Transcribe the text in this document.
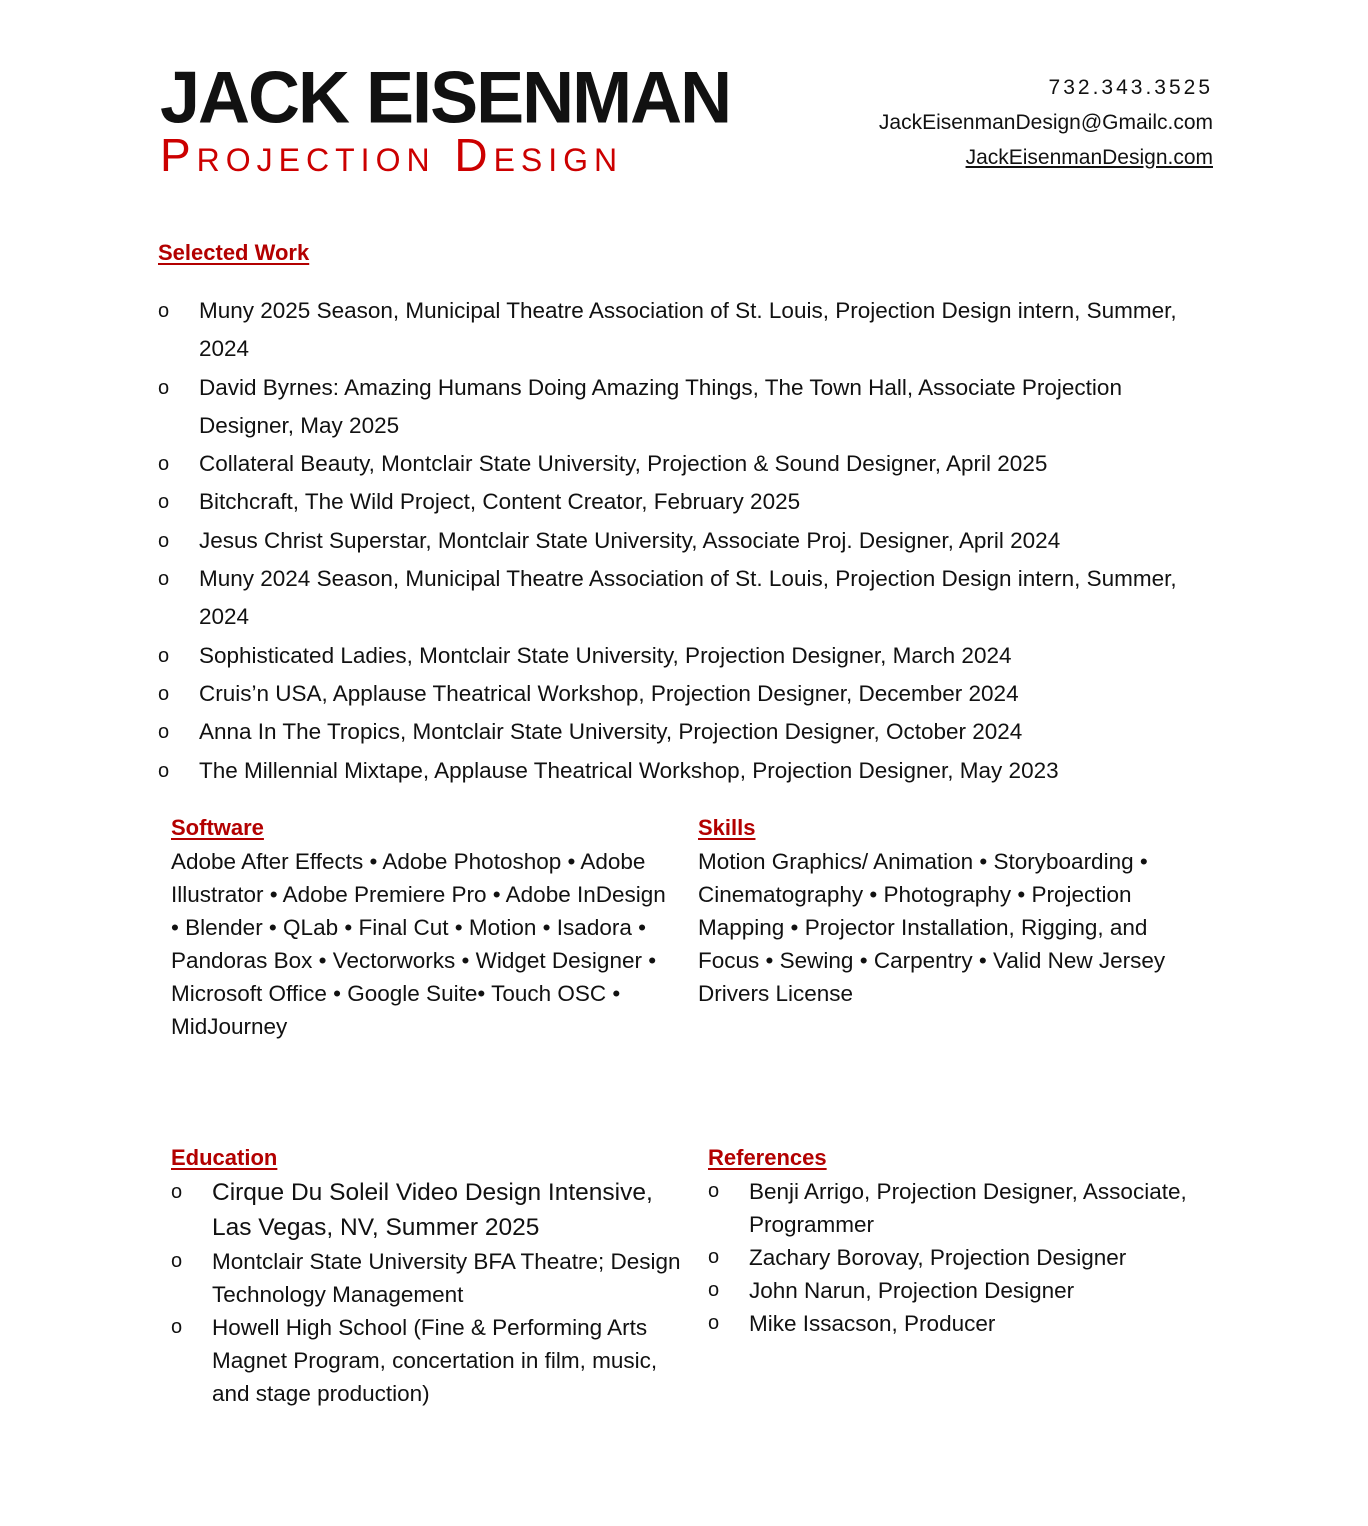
JACK EISENMAN
Projection Design
732.343.3525
JackEisenmanDesign@Gmailc.com
JackEisenmanDesign.com
Selected Work
o	Muny 2025 Season, Municipal Theatre Association of St. Louis, Projection Design intern, Summer, 2024
o	David Byrnes: Amazing Humans Doing Amazing Things, The Town Hall, Associate Projection Designer, May 2025
o	Collateral Beauty, Montclair State University, Projection & Sound Designer, April 2025
o	Bitchcraft, The Wild Project, Content Creator, February 2025
o	Jesus Christ Superstar, Montclair State University, Associate Proj. Designer, April 2024
o	Muny 2024 Season, Municipal Theatre Association of St. Louis, Projection Design intern, Summer, 2024
o	Sophisticated Ladies, Montclair State University, Projection Designer, March 2024
o	Cruis’n USA, Applause Theatrical Workshop, Projection Designer, December 2024
o	Anna In The Tropics, Montclair State University, Projection Designer, October 2024
o	The Millennial Mixtape, Applause Theatrical Workshop, Projection Designer, May 2023
Software
Adobe After Effects • Adobe Photoshop • Adobe Illustrator • Adobe Premiere Pro • Adobe InDesign • Blender • QLab • Final Cut • Motion • Isadora • Pandoras Box • Vectorworks • Widget Designer • Microsoft Office • Google Suite• Touch OSC • MidJourney
Skills
Motion Graphics/ Animation • Storyboarding • Cinematography • Photography • Projection Mapping • Projector Installation, Rigging, and Focus • Sewing • Carpentry • Valid New Jersey Drivers License
Education
o	Cirque Du Soleil Video Design Intensive, Las Vegas, NV, Summer 2025
o	Montclair State University BFA Theatre; Design Technology Management
o	Howell High School (Fine & Performing Arts Magnet Program, concertation in film, music, and stage production)
References
o	Benji Arrigo, Projection Designer, Associate, Programmer
o	Zachary Borovay, Projection Designer
o	John Narun, Projection Designer
o	Mike Issacson, Producer
